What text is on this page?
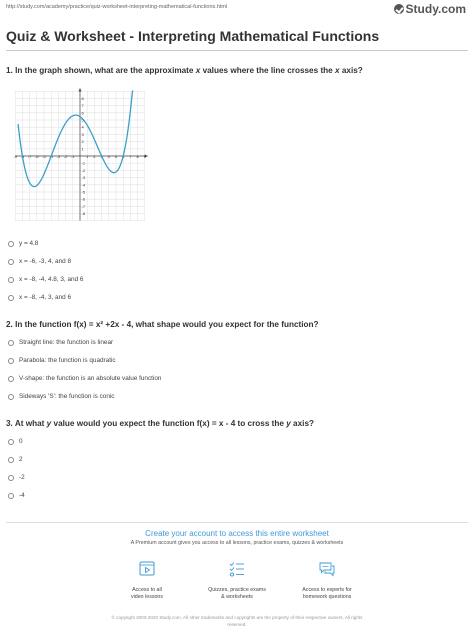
http://study.com/academy/practice/quiz-worksheet-interpreting-mathematical-functions.html	Study.com
Quiz & Worksheet - Interpreting Mathematical Functions
1. In the graph shown, what are the approximate x values where the line crosses the x axis?
-9 -8 -7 -6 -5 -4 -3 -2 -1	1 2 3 4 5 6 7 8 9
8
7
6
5
4
3
2
1
-1
-2
-3
-4
-5
-6
-7
-8
y = 4.8
x = -6, -3, 4, and 8
x = -8, -4, 4.8, 3, and 6
x = -8, -4, 3, and 6
2. In the function f(x) = x² +2x - 4, what shape would you expect for the function?
Straight line: the function is linear
Parabola: the function is quadratic
V-shape: the function is an absolute value function
Sideways 'S': the function is conic
3. At what y value would you expect the function f(x) = x - 4 to cross the y axis?
0
2
-2
-4
Create your account to access this entire worksheet
A Premium account gives you access to all lessons, practice exams, quizzes & worksheets
Access to all
video lessons
Quizzes, practice exams
& worksheets
Access to experts for
homework questions
© copyright 2003-2020 Study.com. All other trademarks and copyrights are the property of their respective owners. All rights
reserved.
